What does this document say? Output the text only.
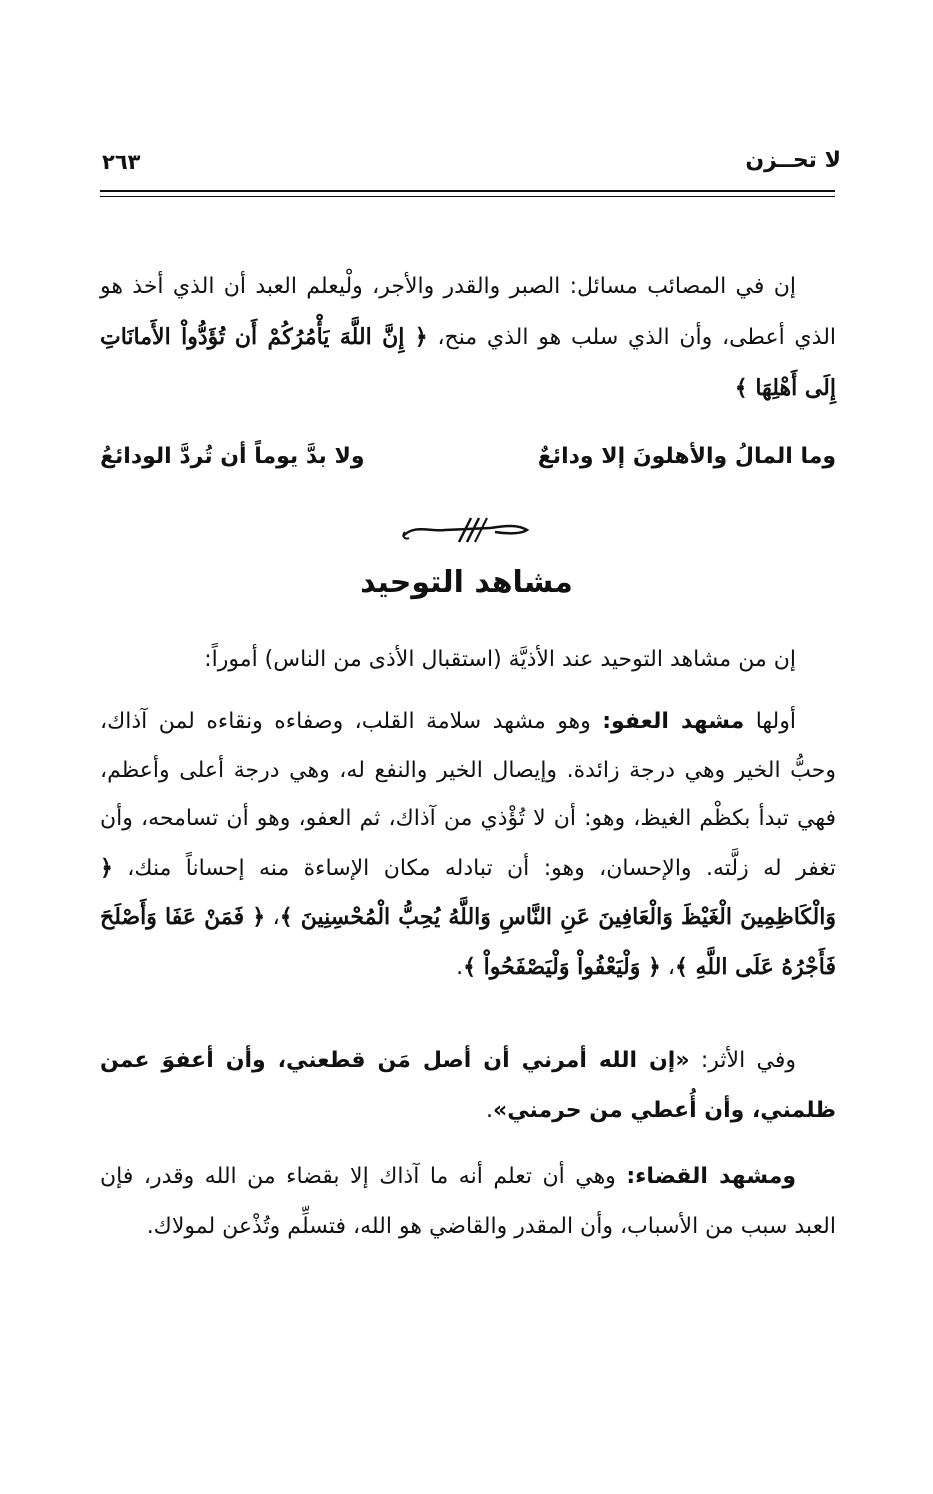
لا تحــزن
٢٦٣

إن في المصائب مسائل: الصبر والقدر والأجر، ولْيعلم العبد أن الذي أخذ هو الذي أعطى، وأن الذي سلب هو الذي منح، ﴿ إِنَّ اللَّهَ يَأْمُرُكُمْ أَن تُؤَدُّواْ الأَمانَاتِ إِلَى أَهْلِهَا ﴾

وما المالُ والأهلونَ إلا ودائعٌ
ولا بدَّ يوماً أن تُردَّ الودائعُ
مشاهد التوحيد

إن من مشاهد التوحيد عند الأذيَّة (استقبال الأذى من الناس) أموراً:

أولها مشهد العفو: وهو مشهد سلامة القلب، وصفاءه ونقاءه لمن آذاك، وحبُّ الخير وهي درجة زائدة. وإيصال الخير والنفع له، وهي درجة أعلى وأعظم، فهي تبدأ بكظْم الغيظ، وهو: أن لا تُؤْذي من آذاك، ثم العفو، وهو أن تسامحه، وأن تغفر له زلَّته. والإحسان، وهو: أن تبادله مكان الإساءة منه إحساناً منك، ﴿ وَالْكَاظِمِينَ الْغَيْظَ وَالْعَافِينَ عَنِ النَّاسِ وَاللَّهُ يُحِبُّ الْمُحْسِنِينَ ﴾، ﴿ فَمَنْ عَفَا وَأَصْلَحَ فَأَجْرُهُ عَلَى اللَّهِ ﴾، ﴿ وَلْيَعْفُواْ وَلْيَصْفَحُواْ ﴾.

وفي الأثر: «إن الله أمرني أن أصل مَن قطعني، وأن أعفوَ عمن ظلمني، وأن أُعطي من حرمني».

ومشهد القضاء: وهي أن تعلم أنه ما آذاك إلا بقضاء من الله وقدر، فإن العبد سبب من الأسباب، وأن المقدر والقاضي هو الله، فتسلِّم وتُذْعن لمولاك.
